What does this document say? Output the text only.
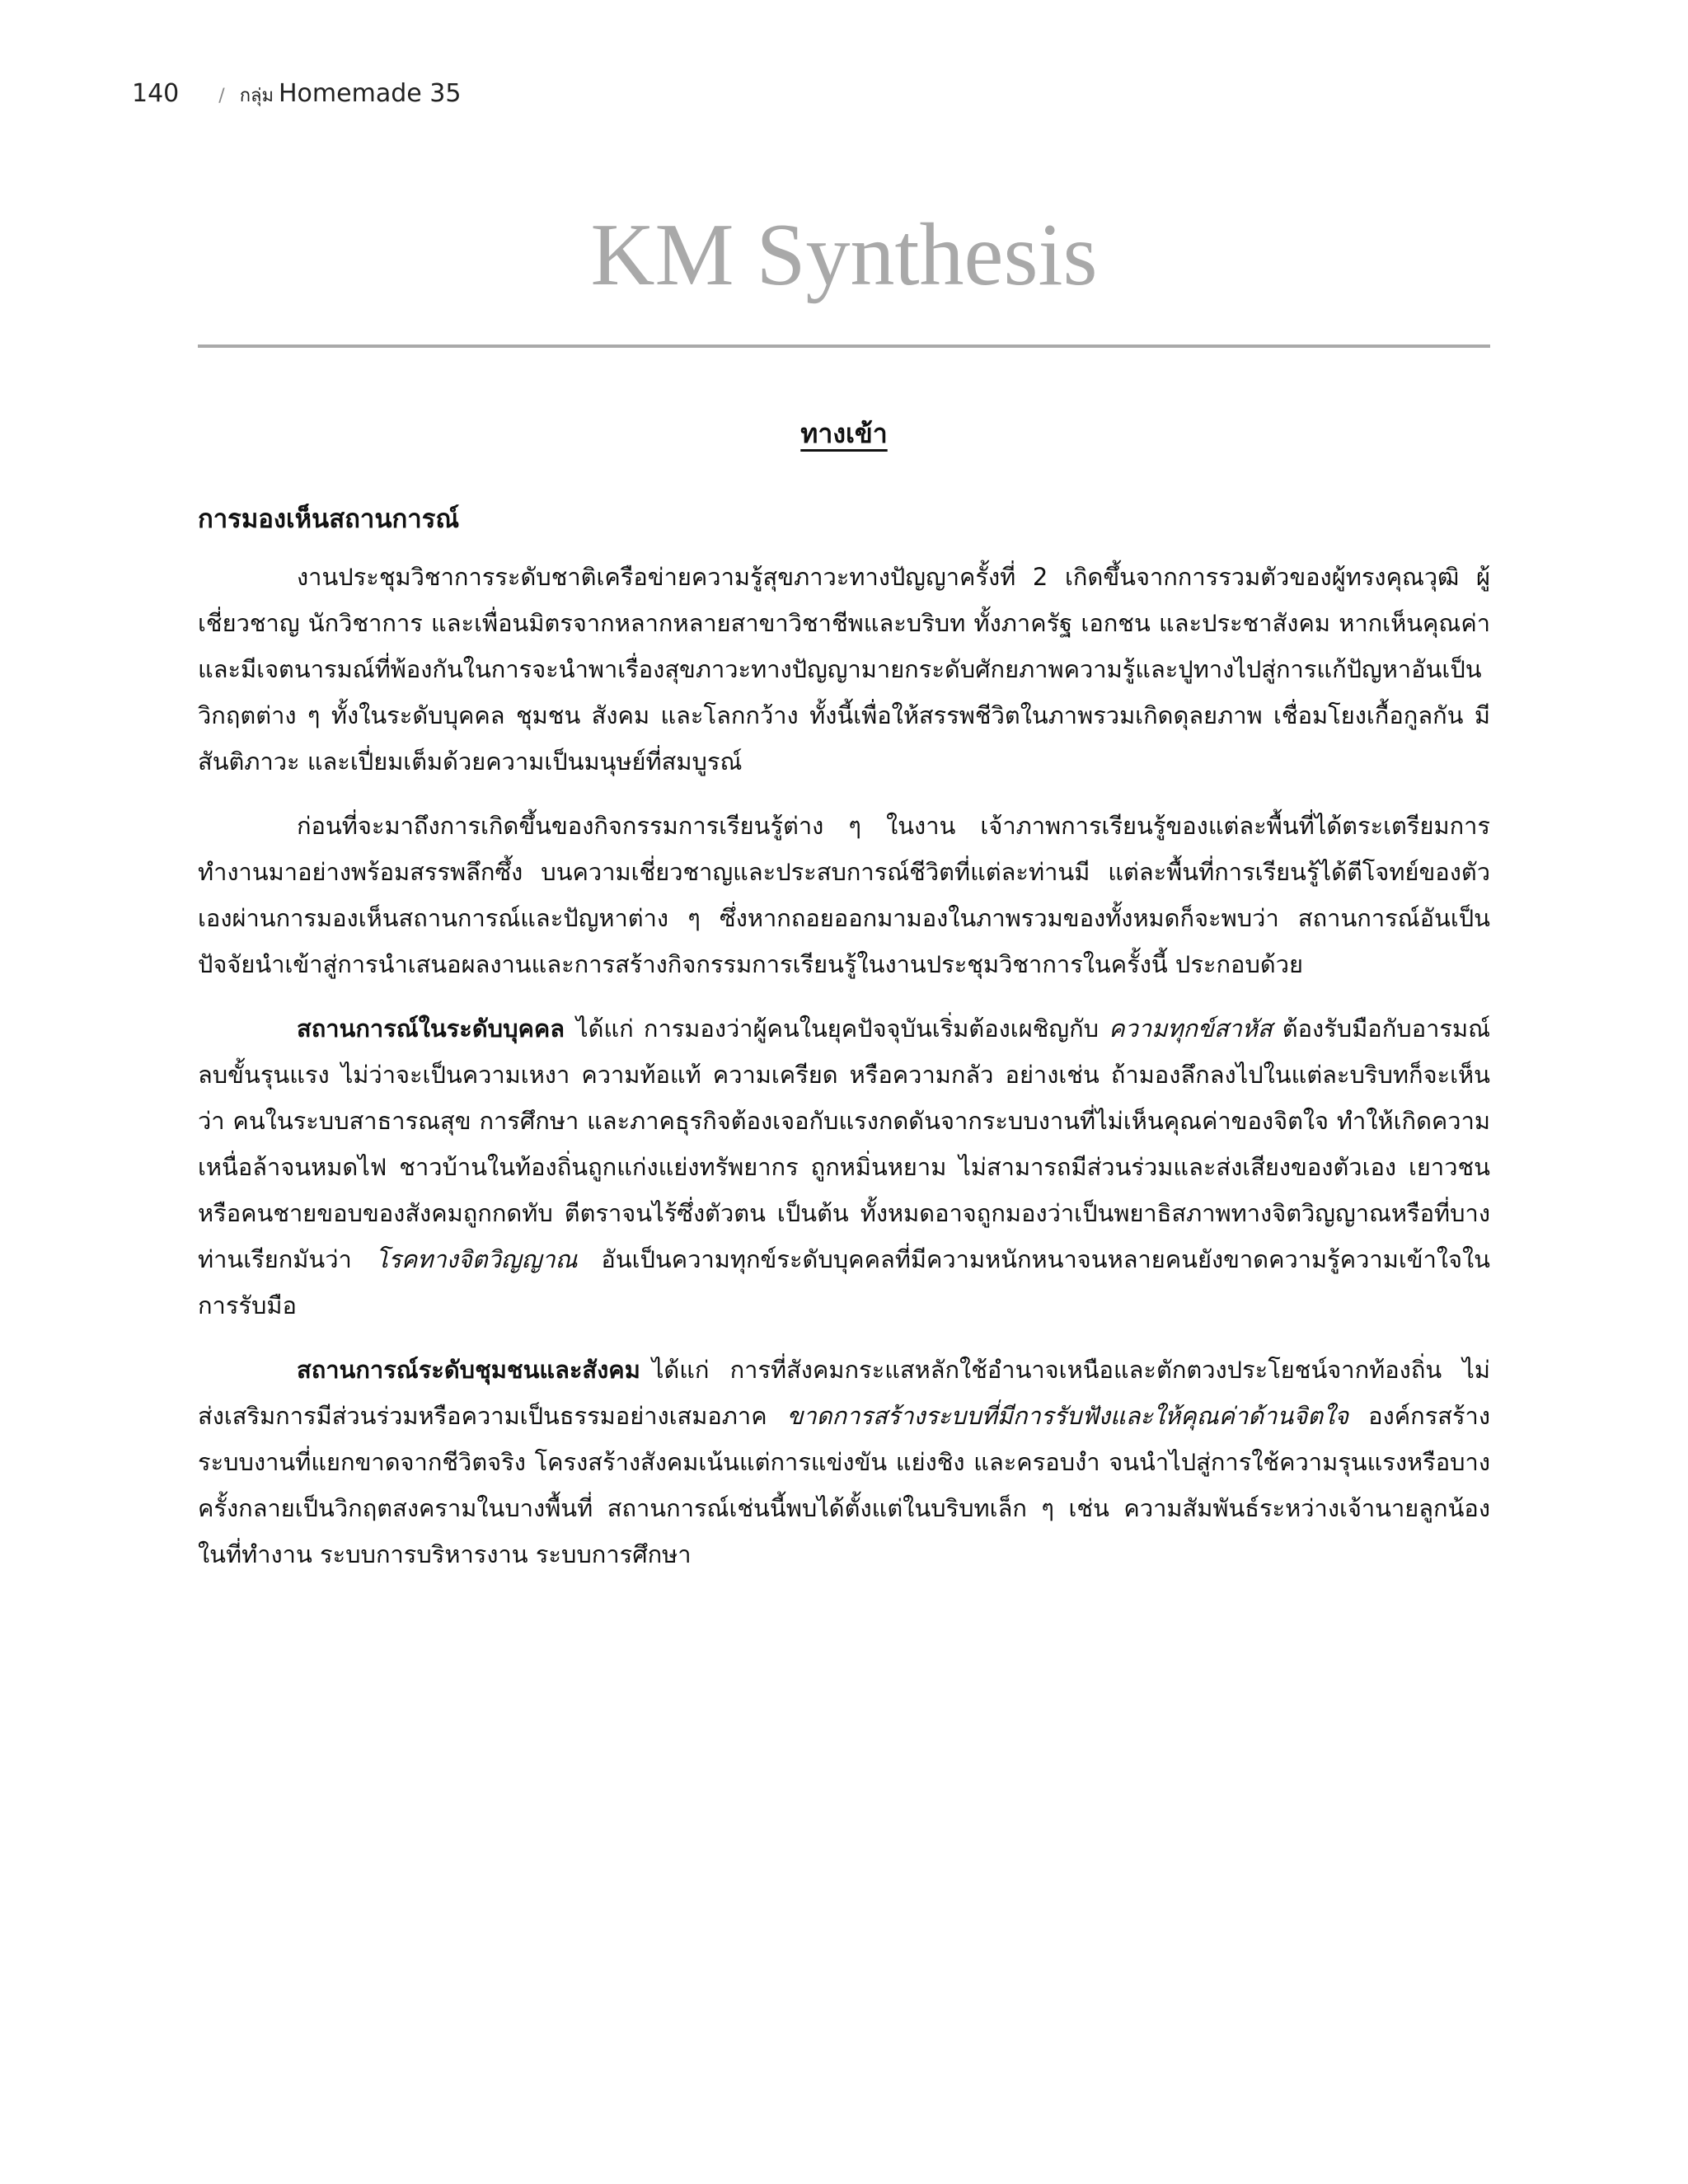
140 / กลุ่ม Homemade 35
KM Synthesis
ทางเข้า
การมองเห็นสถานการณ์

งานประชุมวิชาการระดับชาติเครือข่ายความรู้สุขภาวะทางปัญญาครั้งที่ 2 เกิดขึ้นจากการรวมตัวของผู้ทรงคุณวุฒิ ผู้เชี่ยวชาญ นักวิชาการ และเพื่อนมิตรจากหลากหลายสาขาวิชาชีพและบริบท ทั้งภาครัฐ เอกชน และประชาสังคม หากเห็นคุณค่าและมีเจตนารมณ์ที่พ้องกันในการจะนำพาเรื่องสุขภาวะทางปัญญามายกระดับศักยภาพความรู้และปูทางไปสู่การแก้ปัญหาอันเป็นวิกฤตต่าง ๆ ทั้งในระดับบุคคล ชุมชน สังคม และโลกกว้าง ทั้งนี้เพื่อให้สรรพชีวิตในภาพรวมเกิดดุลยภาพ เชื่อมโยงเกื้อกูลกัน มีสันติภาวะ และเปี่ยมเต็มด้วยความเป็นมนุษย์ที่สมบูรณ์

ก่อนที่จะมาถึงการเกิดขึ้นของกิจกรรมการเรียนรู้ต่าง ๆ ในงาน เจ้าภาพการเรียนรู้ของแต่ละพื้นที่ได้ตระเตรียมการทำงานมาอย่างพร้อมสรรพลึกซึ้ง บนความเชี่ยวชาญและประสบการณ์ชีวิตที่แต่ละท่านมี แต่ละพื้นที่การเรียนรู้ได้ตีโจทย์ของตัวเองผ่านการมองเห็นสถานการณ์และปัญหาต่าง ๆ ซึ่งหากถอยออกมามองในภาพรวมของทั้งหมดก็จะพบว่า สถานการณ์อันเป็นปัจจัยนำเข้าสู่การนำเสนอผลงานและการสร้างกิจกรรมการเรียนรู้ในงานประชุมวิชาการในครั้งนี้ ประกอบด้วย

สถานการณ์ในระดับบุคคล ได้แก่ การมองว่าผู้คนในยุคปัจจุบันเริ่มต้องเผชิญกับ ความทุกข์สาหัส ต้องรับมือกับอารมณ์ลบขั้นรุนแรง ไม่ว่าจะเป็นความเหงา ความท้อแท้ ความเครียด หรือความกลัว อย่างเช่น ถ้ามองลึกลงไปในแต่ละบริบทก็จะเห็นว่า คนในระบบสาธารณสุข การศึกษา และภาคธุรกิจต้องเจอกับแรงกดดันจากระบบงานที่ไม่เห็นคุณค่าของจิตใจ ทำให้เกิดความเหนื่อล้าจนหมดไฟ ชาวบ้านในท้องถิ่นถูกแก่งแย่งทรัพยากร ถูกหมิ่นหยาม ไม่สามารถมีส่วนร่วมและส่งเสียงของตัวเอง เยาวชนหรือคนชายขอบของสังคมถูกกดทับ ตีตราจนไร้ซึ่งตัวตน เป็นต้น ทั้งหมดอาจถูกมองว่าเป็นพยาธิสภาพทางจิตวิญญาณหรือที่บางท่านเรียกมันว่า โรคทางจิตวิญญาณ อันเป็นความทุกข์ระดับบุคคลที่มีความหนักหนาจนหลายคนยังขาดความรู้ความเข้าใจในการรับมือ

สถานการณ์ระดับชุมชนและสังคม ได้แก่ การที่สังคมกระแสหลักใช้อำนาจเหนือและตักตวงประโยชน์จากท้องถิ่น ไม่ส่งเสริมการมีส่วนร่วมหรือความเป็นธรรมอย่างเสมอภาค ขาดการสร้างระบบที่มีการรับฟังและให้คุณค่าด้านจิตใจ องค์กรสร้างระบบงานที่แยกขาดจากชีวิตจริง โครงสร้างสังคมเน้นแต่การแข่งขัน แย่งชิง และครอบงำ จนนำไปสู่การใช้ความรุนแรงหรือบางครั้งกลายเป็นวิกฤตสงครามในบางพื้นที่ สถานการณ์เช่นนี้พบได้ตั้งแต่ในบริบทเล็ก ๆ เช่น ความสัมพันธ์ระหว่างเจ้านายลูกน้องในที่ทำงาน ระบบการบริหารงาน ระบบการศึกษา
